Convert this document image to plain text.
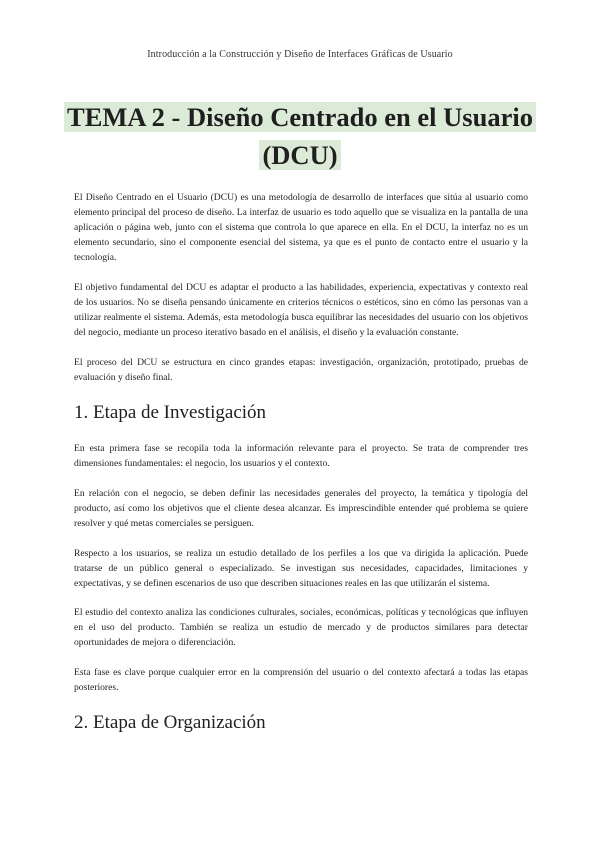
Introducción a la Construcción y Diseño de Interfaces Gráficas de Usuario
TEMA 2 - Diseño Centrado en el Usuario (DCU)

El Diseño Centrado en el Usuario (DCU) es una metodología de desarrollo de interfaces que sitúa al usuario como elemento principal del proceso de diseño. La interfaz de usuario es todo aquello que se visualiza en la pantalla de una aplicación o página web, junto con el sistema que controla lo que aparece en ella. En el DCU, la interfaz no es un elemento secundario, sino el componente esencial del sistema, ya que es el punto de contacto entre el usuario y la tecnología.

El objetivo fundamental del DCU es adaptar el producto a las habilidades, experiencia, expectativas y contexto real de los usuarios. No se diseña pensando únicamente en criterios técnicos o estéticos, sino en cómo las personas van a utilizar realmente el sistema. Además, esta metodología busca equilibrar las necesidades del usuario con los objetivos del negocio, mediante un proceso iterativo basado en el análisis, el diseño y la evaluación constante.

El proceso del DCU se estructura en cinco grandes etapas: investigación, organización, prototipado, pruebas de evaluación y diseño final.

1. Etapa de Investigación

En esta primera fase se recopila toda la información relevante para el proyecto. Se trata de comprender tres dimensiones fundamentales: el negocio, los usuarios y el contexto.

En relación con el negocio, se deben definir las necesidades generales del proyecto, la temática y tipología del producto, así como los objetivos que el cliente desea alcanzar. Es imprescindible entender qué problema se quiere resolver y qué metas comerciales se persiguen.

Respecto a los usuarios, se realiza un estudio detallado de los perfiles a los que va dirigida la aplicación. Puede tratarse de un público general o especializado. Se investigan sus necesidades, capacidades, limitaciones y expectativas, y se definen escenarios de uso que describen situaciones reales en las que utilizarán el sistema.

El estudio del contexto analiza las condiciones culturales, sociales, económicas, políticas y tecnológicas que influyen en el uso del producto. También se realiza un estudio de mercado y de productos similares para detectar oportunidades de mejora o diferenciación.

Esta fase es clave porque cualquier error en la comprensión del usuario o del contexto afectará a todas las etapas posteriores.

2. Etapa de Organización
